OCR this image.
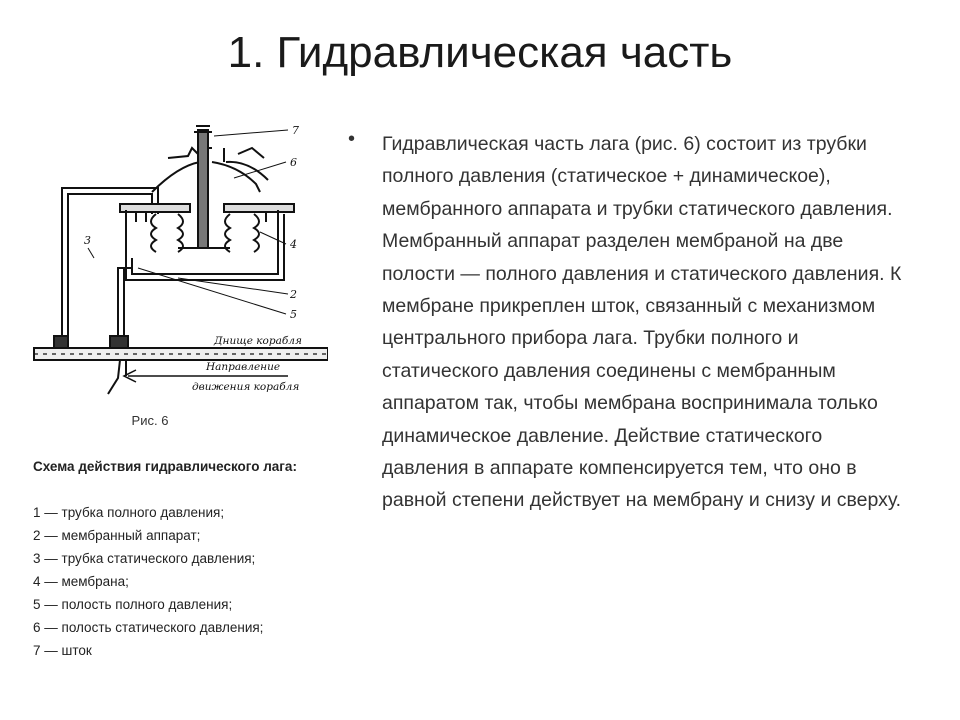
1. Гидравлическая часть
7
6
3	4
2
5
Днище корабля
Направление
движения корабля
Рис. 6
Схема действия гидравлического лага:
1 — трубка полного давления;
2 — мембранный аппарат;
3 — трубка статического давления;
4 — мембрана;
5 — полость полного давления;
6 — полость статического давления;
7 — шток
• Гидравлическая часть лага (рис. 6) состоит из трубки полного давления (статическое + динамическое), мембранного аппарата и трубки статического давления. Мембранный аппарат разделен мембраной на две полости — полного давления и статического давления. К мембране прикреплен шток, связанный с механизмом центрального прибора лага. Трубки полного и статического давления соединены с мембранным аппаратом так, чтобы мембрана воспринимала только динамическое давление. Действие статического давления в аппарате компенсируется тем, что оно в равной степени действует на мембрану и снизу и сверху.
